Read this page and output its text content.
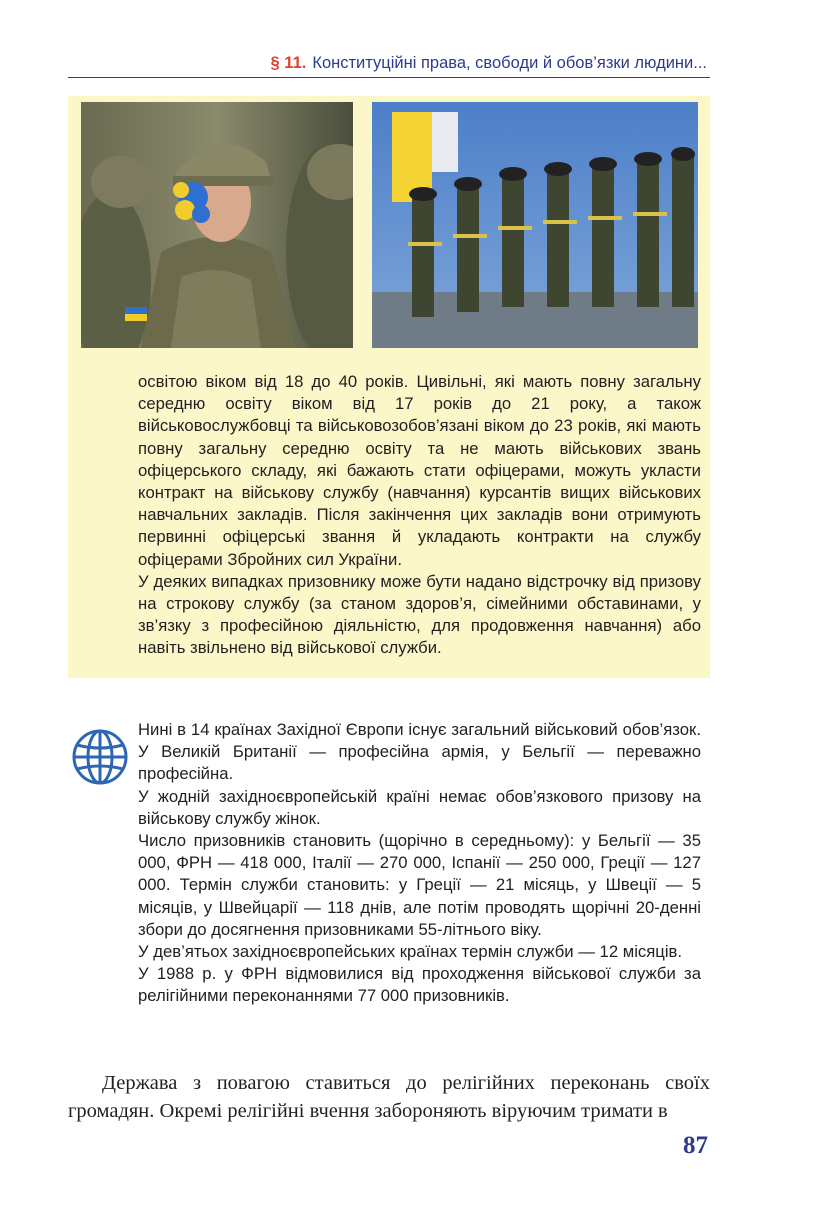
§ 11. Конституційні права, свободи й обов’язки людини...

освітою віком від 18 до 40 років. Цивільні, які мають повну загальну середню освіту віком від 17 років до 21 року, а також військовослужбовці та військовозобов’язані віком до 23 років, які мають повну загальну середню освіту та не мають військових звань офіцерського складу, які бажають стати офіцерами, можуть укласти контракт на військову службу (навчання) курсантів вищих військових навчальних закладів. Після закінчення цих закладів вони отримують первинні офіцерські звання й укладають контракти на службу офіцерами Збройних сил України.

У деяких випадках призовнику може бути надано відстрочку від призову на строкову службу (за станом здоров’я, сімейними обставинами, у зв’язку з професійною діяльністю, для продовження навчання) або навіть звільнено від військової служби.

Нині в 14 країнах Західної Європи існує загальний військовий обов’язок. У Великій Британії — професійна армія, у Бельгії — переважно професійна.

У жодній західноєвропейській країні немає обов’язкового призову на військову службу жінок.

Число призовників становить (щорічно в середньому): у Бельгії — 35 000, ФРН — 418 000, Італії — 270 000, Іспанії — 250 000, Греції — 127 000. Термін служби становить: у Греції — 21 місяць, у Швеції — 5 місяців, у Швейцарії — 118 днів, але потім проводять щорічні 20-денні збори до досягнення призовниками 55-літнього віку.

У дев’ятьох західноєвропейських країнах термін служби — 12 місяців.

У 1988 р. у ФРН відмовилися від проходження військової служби за релігійними переконаннями 77 000 призовників.

Держава з повагою ставиться до релігійних переконань своїх громадян. Окремі релігійні вчення забороняють віруючим тримати в

87
